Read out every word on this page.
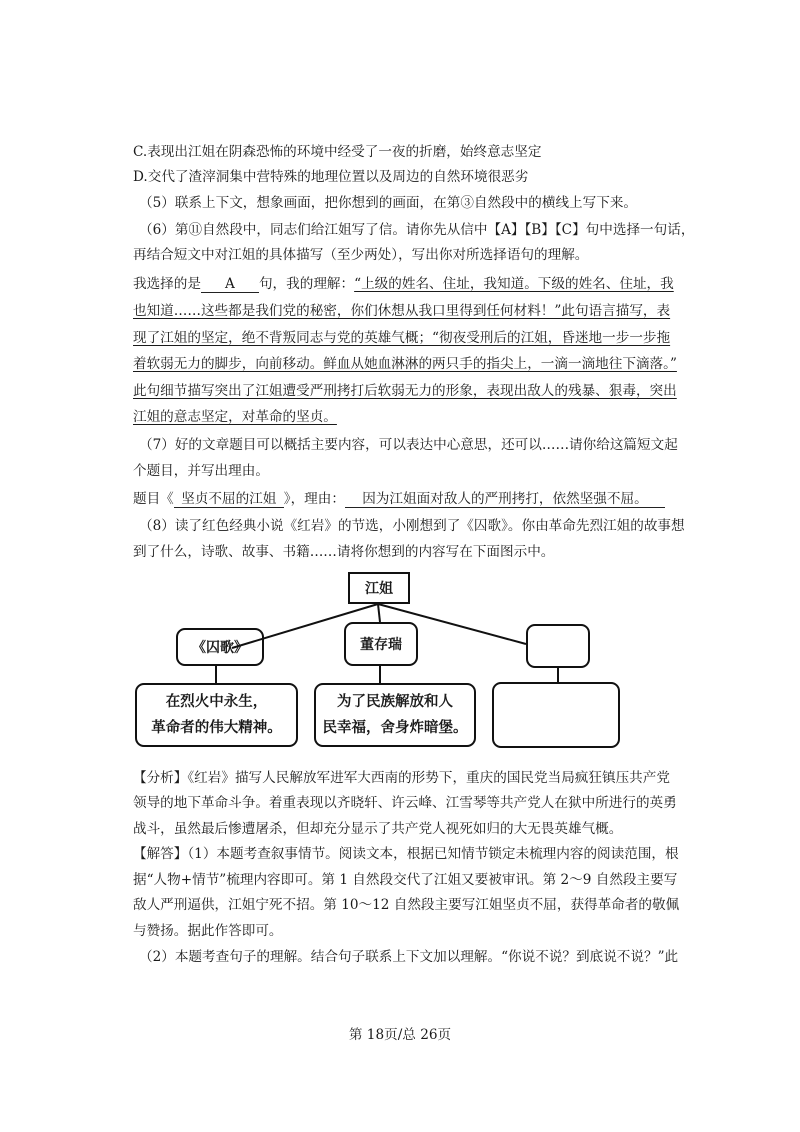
C.表现出江姐在阴森恐怖的环境中经受了一夜的折磨，始终意志坚定
D.交代了渣滓洞集中营特殊的地理位置以及周边的自然环境很恶劣
（5）联系上下文，想象画面，把你想到的画面，在第③自然段中的横线上写下来。
（6）第⑪自然段中，同志们给江姐写了信。请你先从信中【A】【B】【C】句中选择一句话，
再结合短文中对江姐的具体描写（至少两处），写出你对所选择语句的理解。
我选择的是 A 句，我的理解：“上级的姓名、住址，我知道。下级的姓名、住址，我
也知道……这些都是我们党的秘密，你们休想从我口里得到任何材料！”此句语言描写，表
现了江姐的坚定，绝不背叛同志与党的英雄气概；“彻夜受刑后的江姐，昏迷地一步一步拖
着软弱无力的脚步，向前移动。鲜血从她血淋淋的两只手的指尖上，一滴一滴地往下滴落。”
此句细节描写突出了江姐遭受严刑拷打后软弱无力的形象，表现出敌人的残暴、狠毒，突出
江姐的意志坚定，对革命的坚贞。
（7）好的文章题目可以概括主要内容，可以表达中心意思，还可以……请你给这篇短文起
个题目，并写出理由。
题目《 坚贞不屈的江姐 》，理由： 因为江姐面对敌人的严刑拷打，依然坚强不屈。
（8）读了红色经典小说《红岩》的节选，小刚想到了《囚歌》。你由革命先烈江姐的故事想
到了什么，诗歌、故事、书籍……请将你想到的内容写在下面图示中。
江姐
《囚歌》	董存瑞
在烈火中永生，
革命者的伟大精神。
为了民族解放和人
民幸福，舍身炸暗堡。
【分析】《红岩》描写人民解放军进军大西南的形势下，重庆的国民党当局疯狂镇压共产党
领导的地下革命斗争。着重表现以齐晓轩、许云峰、江雪琴等共产党人在狱中所进行的英勇
战斗，虽然最后惨遭屠杀，但却充分显示了共产党人视死如归的大无畏英雄气概。
【解答】（1）本题考查叙事情节。阅读文本，根据已知情节锁定未梳理内容的阅读范围，根
据“人物+情节”梳理内容即可。第 1 自然段交代了江姐又要被审讯。第 2～9 自然段主要写
敌人严刑逼供，江姐宁死不招。第 10～12 自然段主要写江姐坚贞不屈，获得革命者的敬佩
与赞扬。据此作答即可。
（2）本题考查句子的理解。结合句子联系上下文加以理解。“你说不说？到底说不说？”此
第 18页/总 26页
